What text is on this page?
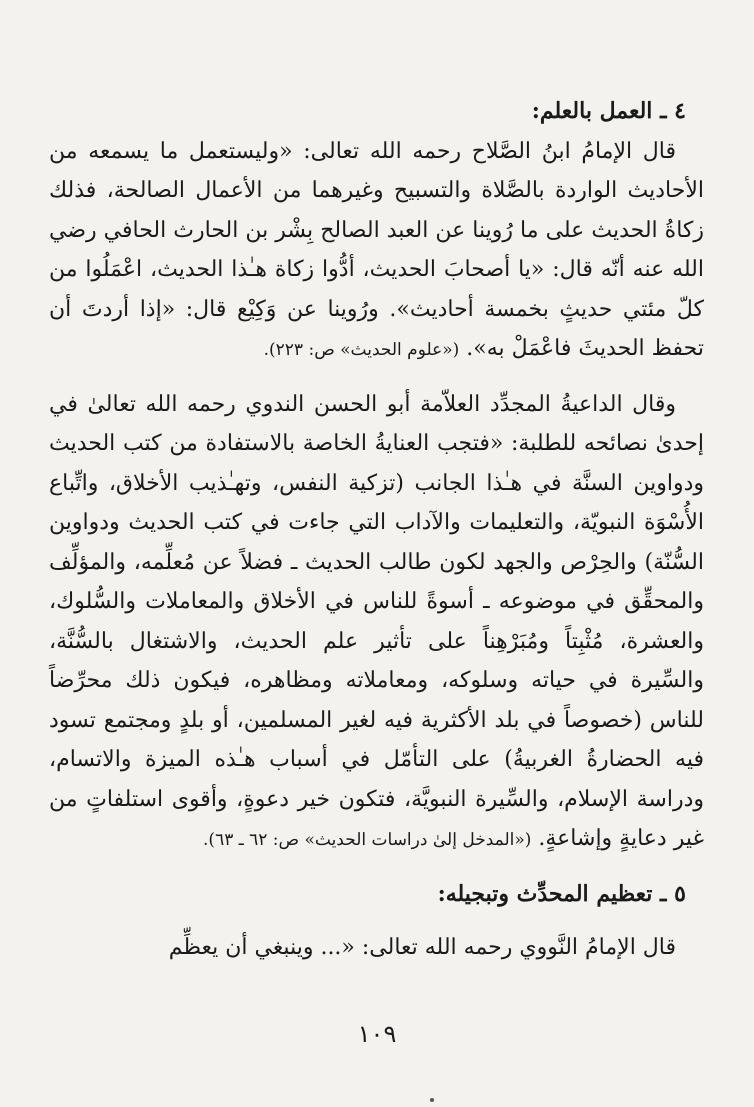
٤ ـ العمل بالعلم:

قال الإمامُ ابنُ الصَّلاح رحمه الله تعالى: «وليستعمل ما يسمعه من الأحاديث الواردة بالصَّلاة والتسبيح وغيرهما من الأعمال الصالحة، فذلك زكاةُ الحديث على ما رُوينا عن العبد الصالح بِشْر بن الحارث الحافي رضي الله عنه أنّه قال: «يا أصحابَ الحديث، أدُّوا زكاة هـٰذا الحديث، اعْمَلُوا من كلّ مئتي حديثٍ بخمسة أحاديث». ورُوينا عن وَكِيْع قال: «إذا أردتَ أن تحفظ الحديثَ فاعْمَلْ به». («علوم الحديث» ص: ٢٢٣).

وقال الداعيةُ المجدِّد العلاّمة أبو الحسن الندوي رحمه الله تعالىٰ في إحدىٰ نصائحه للطلبة: «فتجب العنايةُ الخاصة بالاستفادة من كتب الحديث ودواوين السنَّة في هـٰذا الجانب (تزكية النفس، وتهـٰذيب الأخلاق، واتِّباع الأُسْوَة النبويّة، والتعليمات والآداب التي جاءت في كتب الحديث ودواوين السُّنّة) والحِرْص والجهد لكون طالب الحديث ـ فضلاً عن مُعلِّمه، والمؤلِّف والمحقِّق في موضوعه ـ أسوةً للناس في الأخلاق والمعاملات والسُّلوك، والعشرة، مُثْبِتاً ومُبَرْهِناً على تأثير علم الحديث، والاشتغال بالسُّنَّة، والسِّيرة في حياته وسلوكه، ومعاملاته ومظاهره، فيكون ذلك محرِّضاً للناس (خصوصاً في بلد الأكثرية فيه لغير المسلمين، أو بلدٍ ومجتمع تسود فيه الحضارةُ الغربيةُ) على التأمّل في أسباب هـٰذه الميزة والاتسام، ودراسة الإسلام، والسِّيرة النبويَّة، فتكون خير دعوةٍ، وأقوى استلفاتٍ من غير دعايةٍ وإشاعةٍ. («المدخل إلىٰ دراسات الحديث» ص: ٦٢ ـ ٦٣).

٥ ـ تعظيم المحدِّث وتبجيله:

قال الإمامُ النَّووي رحمه الله تعالى: «... وينبغي أن يعظِّم

١٠٩
